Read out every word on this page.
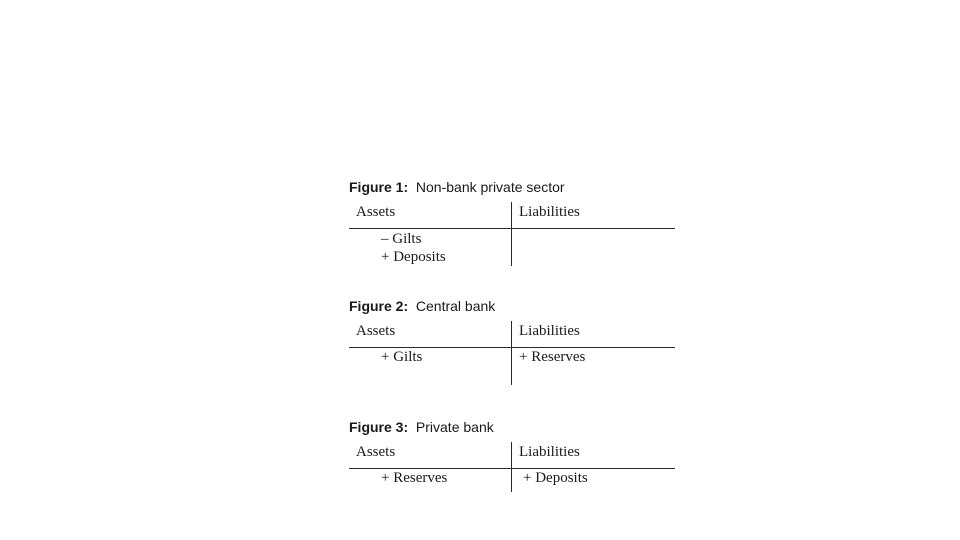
Figure 1: Non-bank private sector
Assets	Liabilities
– Gilts
+ Deposits
Figure 2: Central bank
Assets	Liabilities
+ Gilts	+ Reserves
Figure 3: Private bank
Assets	Liabilities
+ Reserves	+ Deposits
